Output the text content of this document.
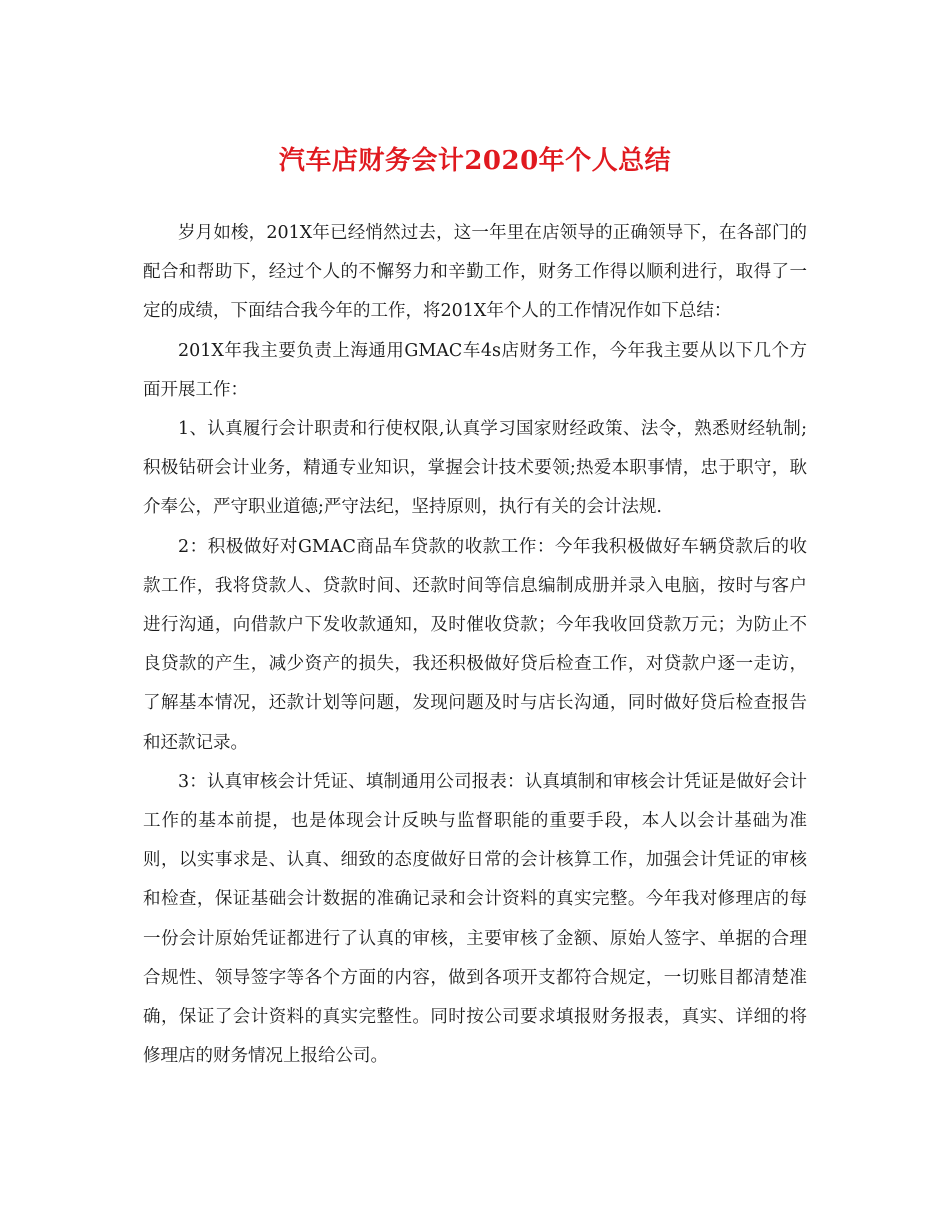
汽车店财务会计2020年个人总结

岁月如梭，201X年已经悄然过去，这一年里在店领导的正确领导下，在各部门的配合和帮助下，经过个人的不懈努力和辛勤工作，财务工作得以顺利进行，取得了一定的成绩，下面结合我今年的工作，将201X年个人的工作情况作如下总结：

201X年我主要负责上海通用GMAC车4s店财务工作，今年我主要从以下几个方面开展工作：

1、认真履行会计职责和行使权限,认真学习国家财经政策、法令，熟悉财经轨制;积极钻研会计业务，精通专业知识，掌握会计技术要领;热爱本职事情，忠于职守，耿介奉公，严守职业道德;严守法纪，坚持原则，执行有关的会计法规.

2：积极做好对GMAC商品车贷款的收款工作：今年我积极做好车辆贷款后的收款工作，我将贷款人、贷款时间、还款时间等信息编制成册并录入电脑，按时与客户进行沟通，向借款户下发收款通知，及时催收贷款；今年我收回贷款万元；为防止不良贷款的产生，减少资产的损失，我还积极做好贷后检查工作，对贷款户逐一走访，了解基本情况，还款计划等问题，发现问题及时与店长沟通，同时做好贷后检查报告和还款记录。

3：认真审核会计凭证、填制通用公司报表：认真填制和审核会计凭证是做好会计工作的基本前提，也是体现会计反映与监督职能的重要手段，本人以会计基础为准则，以实事求是、认真、细致的态度做好日常的会计核算工作，加强会计凭证的审核和检查，保证基础会计数据的准确记录和会计资料的真实完整。今年我对修理店的每一份会计原始凭证都进行了认真的审核，主要审核了金额、原始人签字、单据的合理合规性、领导签字等各个方面的内容，做到各项开支都符合规定，一切账目都清楚准确，保证了会计资料的真实完整性。同时按公司要求填报财务报表，真实、详细的将修理店的财务情况上报给公司。
